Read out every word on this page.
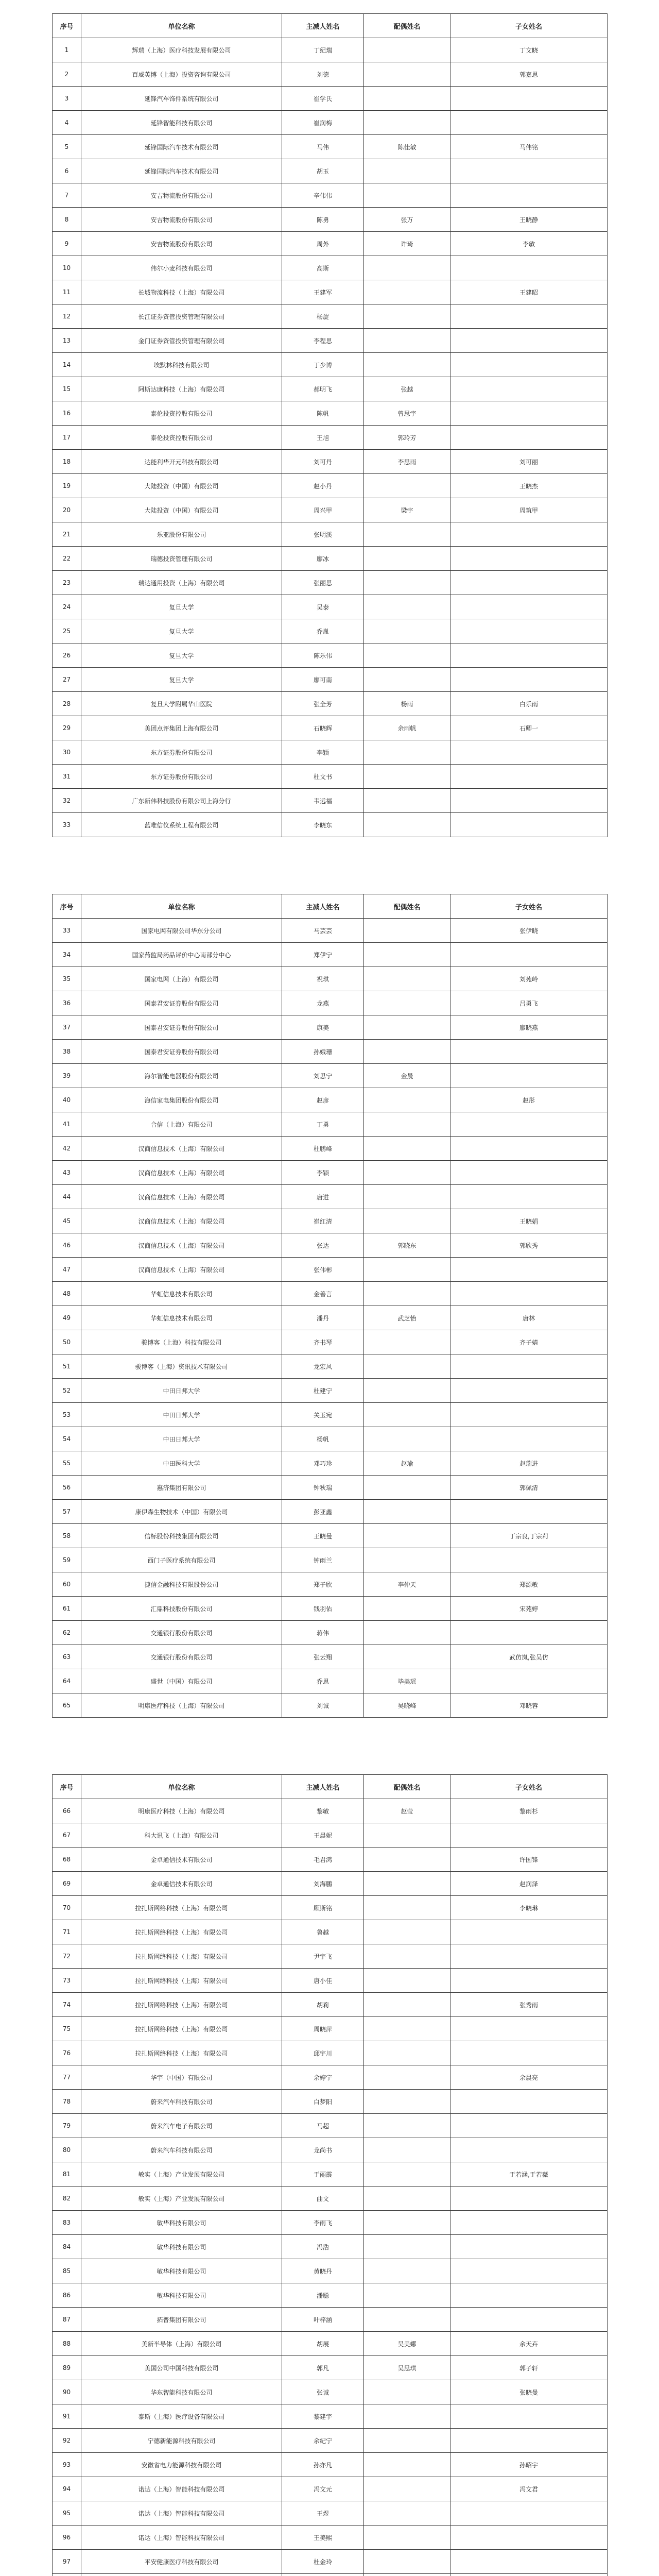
序号	单位名称	主减人姓名	配偶姓名	子女姓名
1	辉瑞（上海）医疗科技发展有限公司	丁纪瑞		丁文晓
2	百威英博（上海）投资咨询有限公司	刘德		郭嘉思
3	延锋汽车饰件系统有限公司	崔学氏		
4	延锋智能科技有限公司	崔润梅		
5	延锋国际汽车技术有限公司	马伟	陈佳敏	马伟铭
6	延锋国际汽车技术有限公司	胡玉		
7	安吉物流股份有限公司	辛伟伟		
8	安吉物流股份有限公司	陈勇	张万	王晓静
9	安吉物流股份有限公司	周外	许琦	李敏
10	伟尔小麦科技有限公司	高斯		
11	长城物流科技（上海）有限公司	王建军		王建昭
12	长江证券资管投资管理有限公司	杨旋		
13	金门证券资管投资管理有限公司	李程思		
14	埃默林科技有限公司	丁少博		
15	阿斯达康科技（上海）有限公司	郝明飞	张越	
16	泰伦投资控股有限公司	陈帆	曾思宇	
17	泰伦投资控股有限公司	王旭	郭玲芳	
18	达能利华开元科技有限公司	刘可丹	李思雨	刘可丽
19	大陆投资（中国）有限公司	赵小丹		王晓杰
20	大陆投资（中国）有限公司	周兴甲	梁宇	周筑甲
21	乐亚股份有限公司	张明溪		
22	瑞德投资管理有限公司	廖冰		
23	瑞达通用投资（上海）有限公司	张丽思		
24	复旦大学	吴泰		
25	复旦大学	乔胤		
26	复旦大学	陈乐伟		
27	复旦大学	廖可南		
28	复旦大学附属华山医院	张全芳	杨雨	白乐雨
29	美团点评集团上海有限公司	石晓辉	余雨帆	石卿一
30	东方证券股份有限公司	李颖		
31	东方证券股份有限公司	杜文书		
32	广东新伟科技股份有限公司上海分行	韦远福		
33	蓝唯信仪系统工程有限公司	李晓东		
序号	单位名称	主减人姓名	配偶姓名	子女姓名
33	国家电网有限公司华东分公司	马芸芸		张伊晓
34	国家药监局药品评价中心南部分中心	郑伊宁		
35	国家电网（上海）有限公司	祝琪		刘苑岭
36	国泰君安证券股份有限公司	龙燕		吕勇飞
37	国泰君安证券股份有限公司	康美		廖晓燕
38	国泰君安证券股份有限公司	孙娥珊		
39	海尔智能电器股份有限公司	刘思宁	金晨	
40	海信家电集团股份有限公司	赵彦		赵彤
41	合信（上海）有限公司	丁勇		
42	汉商信息技术（上海）有限公司	杜鹏峰		
43	汉商信息技术（上海）有限公司	李颖		
44	汉商信息技术（上海）有限公司	唐进		
45	汉商信息技术（上海）有限公司	崔红清		王晓娟
46	汉商信息技术（上海）有限公司	张达	郭晓东	郭欣秀
47	汉商信息技术（上海）有限公司	张伟彬		
48	华虹信息技术有限公司	金善言		
49	华虹信息技术有限公司	潘丹	武芝怡	唐林
50	骏博客（上海）科技有限公司	齐书琴		齐子婧
51	骏博客（上海）资讯技术有限公司	龙宏风		
52	中田日邦大学	杜建宁		
53	中田日邦大学	关玉宛		
54	中田日邦大学	杨帆		
55	中田医科大学	邓巧珍	赵瑜	赵瑞进
56	惠济集团有限公司	钟秋瑞		郭佩清
57	康伊森生物技术（中国）有限公司	彭亚鑫		
58	信标股份科技集团有限公司	王晓曼		丁宗良,丁宗莉
59	西门子医疗系统有限公司	钟雨兰		
60	捷信金融科技有限股份公司	郑子欣	李仲天	郑源敏
61	汇鼎科技股份有限公司	钱羽佑		宋苑婷
62	交通银行股份有限公司	蒋伟		
63	交通银行股份有限公司	张云翔		武仿岚,张吴仿
64	盛世（中国）有限公司	乔思	毕美瑶	
65	明康医疗科技（上海）有限公司	刘诚	吴晓峰	邓晓蓉
序号	单位名称	主减人姓名	配偶姓名	子女姓名
66	明康医疗科技（上海）有限公司	黎敏	赵莹	黎雨杉
67	科大讯飞（上海）有限公司	王晨妮		
68	金卓通信技术有限公司	毛君鸿		许国锋
69	金卓通信技术有限公司	刘海鹏		赵润泽
70	拉扎斯网络科技（上海）有限公司	顾斯铭		李晓琳
71	拉扎斯网络科技（上海）有限公司	鲁越		
72	拉扎斯网络科技（上海）有限公司	尹宇飞		
73	拉扎斯网络科技（上海）有限公司	唐小佳		
74	拉扎斯网络科技（上海）有限公司	胡莉		张秀雨
75	拉扎斯网络科技（上海）有限公司	周晓萍		
76	拉扎斯网络科技（上海）有限公司	邱宇川		
77	华宇（中国）有限公司	余婷宁		余晨亮
78	蔚来汽车科技有限公司	白梦阳		
79	蔚来汽车电子有限公司	马超		
80	蔚来汽车科技有限公司	龙尚书		
81	敏实（上海）产业发展有限公司	于丽霞		于若涵,于若薇
82	敏实（上海）产业发展有限公司	曲文		
83	敏华科技有限公司	李雨飞		
84	敏华科技有限公司	冯浩		
85	敏华科技有限公司	黄晓丹		
86	敏华科技有限公司	潘聪		
87	拓普集团有限公司	叶梓涵		
88	美新半导体（上海）有限公司	胡展	吴美娜	余天卉
89	美国公司中国科技有限公司	郭凡	吴思琪	郭子轩
90	华东智能科技有限公司	张诚		张晓曼
91	泰斯（上海）医疗设备有限公司	黎建宇		
92	宁德新能源科技有限公司	余纪宁		
93	安徽省电力能源科技有限公司	孙亦凡		孙昭宇
94	诺达（上海）智能科技有限公司	冯文元		冯文君
95	诺达（上海）智能科技有限公司	王煜		
96	诺达（上海）智能科技有限公司	王美熙		
97	平安健康医疗科技有限公司	杜金玲		
